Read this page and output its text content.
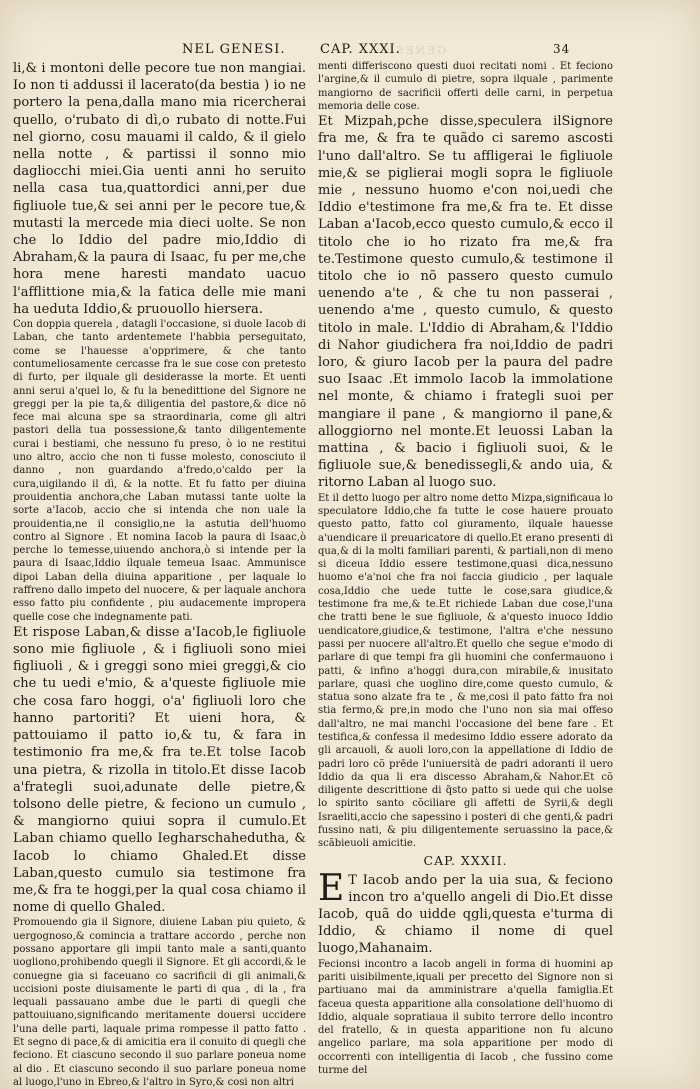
GENESI.
NEL GENESI.	CAP. XXXI.	34

li,& i montoni delle pecore tue non mangiai. Io non ti addussi il lacerato(da bestia ) io ne portero la pena,dalla mano mia ricercherai quello, o'rubato di dì,o rubato di notte.Fui nel giorno, cosu mauami il caldo, & il gielo nella notte , & partissi il sonno mio dagliocchi miei.Gia uenti anni ho seruito nella casa tua,quattordici anni,per due figliuole tue,& sei anni per le pecore tue,& mutasti la mercede mia dieci uolte. Se non che lo Iddio del padre mio,Iddio di Abraham,& la paura di Isaac, fu per me,che hora mene haresti mandato uacuo l'afflittione mia,& la fatica delle mie mani ha ueduta Iddio,& pruouollo hiersera.

Con doppia querela , datagli l'occasione, si duole Iacob di Laban, che tanto ardentemete l'habbia perseguitato, come se l'hauesse a'opprimere, & che tanto contumeliosamente cercasse fra le sue cose con pretesto di furto, per ilquale gli desiderasse la morte. Et uenti anni serui a'quel lo, & fu la benedittione del Signore ne greggi per la pie ta,& diligentia del pastore,& dice nõ fece mai alcuna spe sa straordinaria, come gli altri pastori della tua possessione,& tanto diligentemente curai i bestiami, che nessuno fu preso, ò io ne restitui uno altro, accio che non ti fusse molesto, conosciuto il danno , non guardando a'fredo,o'caldo per la cura,uigilando il dì, & la notte. Et fu fatto per diuina prouidentia anchora,che Laban mutassi tante uolte la sorte a'Iacob, accio che si intenda che non uale la prouidentia,ne il consiglio,ne la astutia dell'huomo contro al Signore . Et nomina Iacob la paura di Isaac,ò perche lo temesse,uiuendo anchora,ò si intende per la paura di Isaac,Iddio ilquale temeua Isaac. Ammunisce dipoi Laban della diuina apparitione , per laquale lo raffreno dallo impeto del nuocere, & per laquale anchora esso fatto piu confidente , piu audacemente impropera quelle cose che indegnamente pati.

Et rispose Laban,& disse a'Iacob,le figliuole sono mie figliuole , & i figliuoli sono miei figliuoli , & i greggi sono miei greggi,& cio che tu uedi e'mio, & a'queste figliuole mie che cosa faro hoggi, o'a' figliuoli loro che hanno partoriti? Et uieni hora, & pattouiamo il patto io,& tu, & fara in testimonio fra me,& fra te.Et tolse Iacob una pietra, & rizolla in titolo.Et disse Iacob a'frategli suoi,adunate delle pietre,& tolsono delle pietre, & feciono un cumulo , & mangiorno quiui sopra il cumulo.Et Laban chiamo quello Iegharschahedutha, & Iacob lo chiamo Ghaled.Et disse Laban,questo cumulo sia testimone fra me,& fra te hoggi,per la qual cosa chiamo il nome di quello Ghaled.

Promouendo gia il Signore, diuiene Laban piu quieto, & uergognoso,& comincia a trattare accordo , perche non possano apportare gli impii tanto male a santi,quanto uogliono,prohibendo quegli il Signore. Et gli accordi,& le conuegne gia si faceuano co sacrificii di gli animali,& uccisioni poste diuisamente le parti di qua , di la , fra lequali passauano ambe due le parti di quegli che pattouiuano,significando meritamente douersi uccidere l'una delle parti, laquale prima rompesse il patto fatto . Et segno di pace,& di amicitia era il conuito di quegli che feciono. Et ciascuno secondo il suo parlare poneua nome al dio . Et ciascuno secondo il suo parlare poneua nome al luogo,l'uno in Ebreo,& l'altro in Syro,& cosi non altri

menti differiscono questi duoi recitati nomi . Et feciono l'argine,& il cumulo di pietre, sopra ilquale , parimente mangiorno de sacrificii offerti delle carni, in perpetua memoria delle cose.

Et Mizpah,pche disse,speculera ilSignore fra me, & fra te quãdo ci saremo ascosti l'uno dall'altro. Se tu affligerai le figliuole mie,& se piglierai mogli sopra le figliuole mie , nessuno huomo e'con noi,uedi che Iddio e'testimone fra me,& fra te. Et disse Laban a'Iacob,ecco questo cumulo,& ecco il titolo che io ho rizato fra me,& fra te.Testimone questo cumulo,& testimone il titolo che io nõ passero questo cumulo uenendo a'te , & che tu non passerai , uenendo a'me , questo cumulo, & questo titolo in male. L'Iddio di Abraham,& l'Iddio di Nahor giudichera fra noi,Iddio de padri loro, & giuro Iacob per la paura del padre suo Isaac .Et immolo Iacob la immolatione nel monte, & chiamo i frategli suoi per mangiare il pane , & mangiorno il pane,& alloggiorno nel monte.Et leuossi Laban la mattina , & bacio i figliuoli suoi, & le figliuole sue,& benedissegli,& ando uia, & ritorno Laban al luogo suo.

Et il detto luogo per altro nome detto Mizpa,significaua lo speculatore Iddio,che fa tutte le cose hauere prouato questo patto, fatto col giuramento, ilquale hauesse a'uendicare il preuaricatore di quello.Et erano presenti di qua,& di la molti familiari parenti, & partiali,non di meno si diceua Iddio essere testimone,quasi dica,nessuno huomo e'a'noi che fra noi faccia giudicio , per laquale cosa,Iddio che uede tutte le cose,sara giudice,& testimone fra me,& te.Et richiede Laban due cose,l'una che tratti bene le sue figliuole, & a'questo inuoco Iddio uendicatore,giudice,& testimone, l'altra e'che nessuno passi per nuocere all'altro.Et quello che segue e'modo di parlare di que tempi fra gli huomini che confermauono i patti, & infino a'hoggi dura,con mirabile,& inusitato parlare, quasi che uoglino dire,come questo cumulo, & statua sono alzate fra te , & me,cosi il pato fatto fra noi stia fermo,& pre,in modo che l'uno non sia mai offeso dall'altro, ne mai manchi l'occasione del bene fare . Et testifica,& confessa il medesimo Iddio essere adorato da gli arcauoli, & auoli loro,con la appellatione di Iddio de padri loro cõ prēde l'uniuersità de padri adoranti il uero Iddio da qua li era discesso Abraham,& Nahor.Et cõ diligente descrittione di q̃sto patto si uede qui che uolse lo spirito santo cõciliare gli affetti de Syrii,& degli Israeliti,accio che sapessino i posteri di che genti,& padri fussino nati, & piu diligentemente seruassino la pace,& scãbieuoli amicitie.

CAP. XXXII.

E T Iacob ando per la uia sua, & feciono incon tro a'quello angeli di Dio.Et disse Iacob, quã do uidde qgli,questa e'turma di Iddio, & chiamo il nome di quel luogo,Mahanaim.

Fecionsi incontro a Iacob angeli in forma di huomini ap pariti uisibilmente,iquali per precetto del Signore non si partiuano mai da amministrare a'quella famiglia.Et faceua questa apparitione alla consolatione dell'huomo di Iddio, alquale sopratiaua il subito terrore dello incontro del fratello, & in questa apparitione non fu alcuno angelico parlare, ma sola apparitione per modo di occorrenti con intelligentia di Iacob , che fussino come turme del
